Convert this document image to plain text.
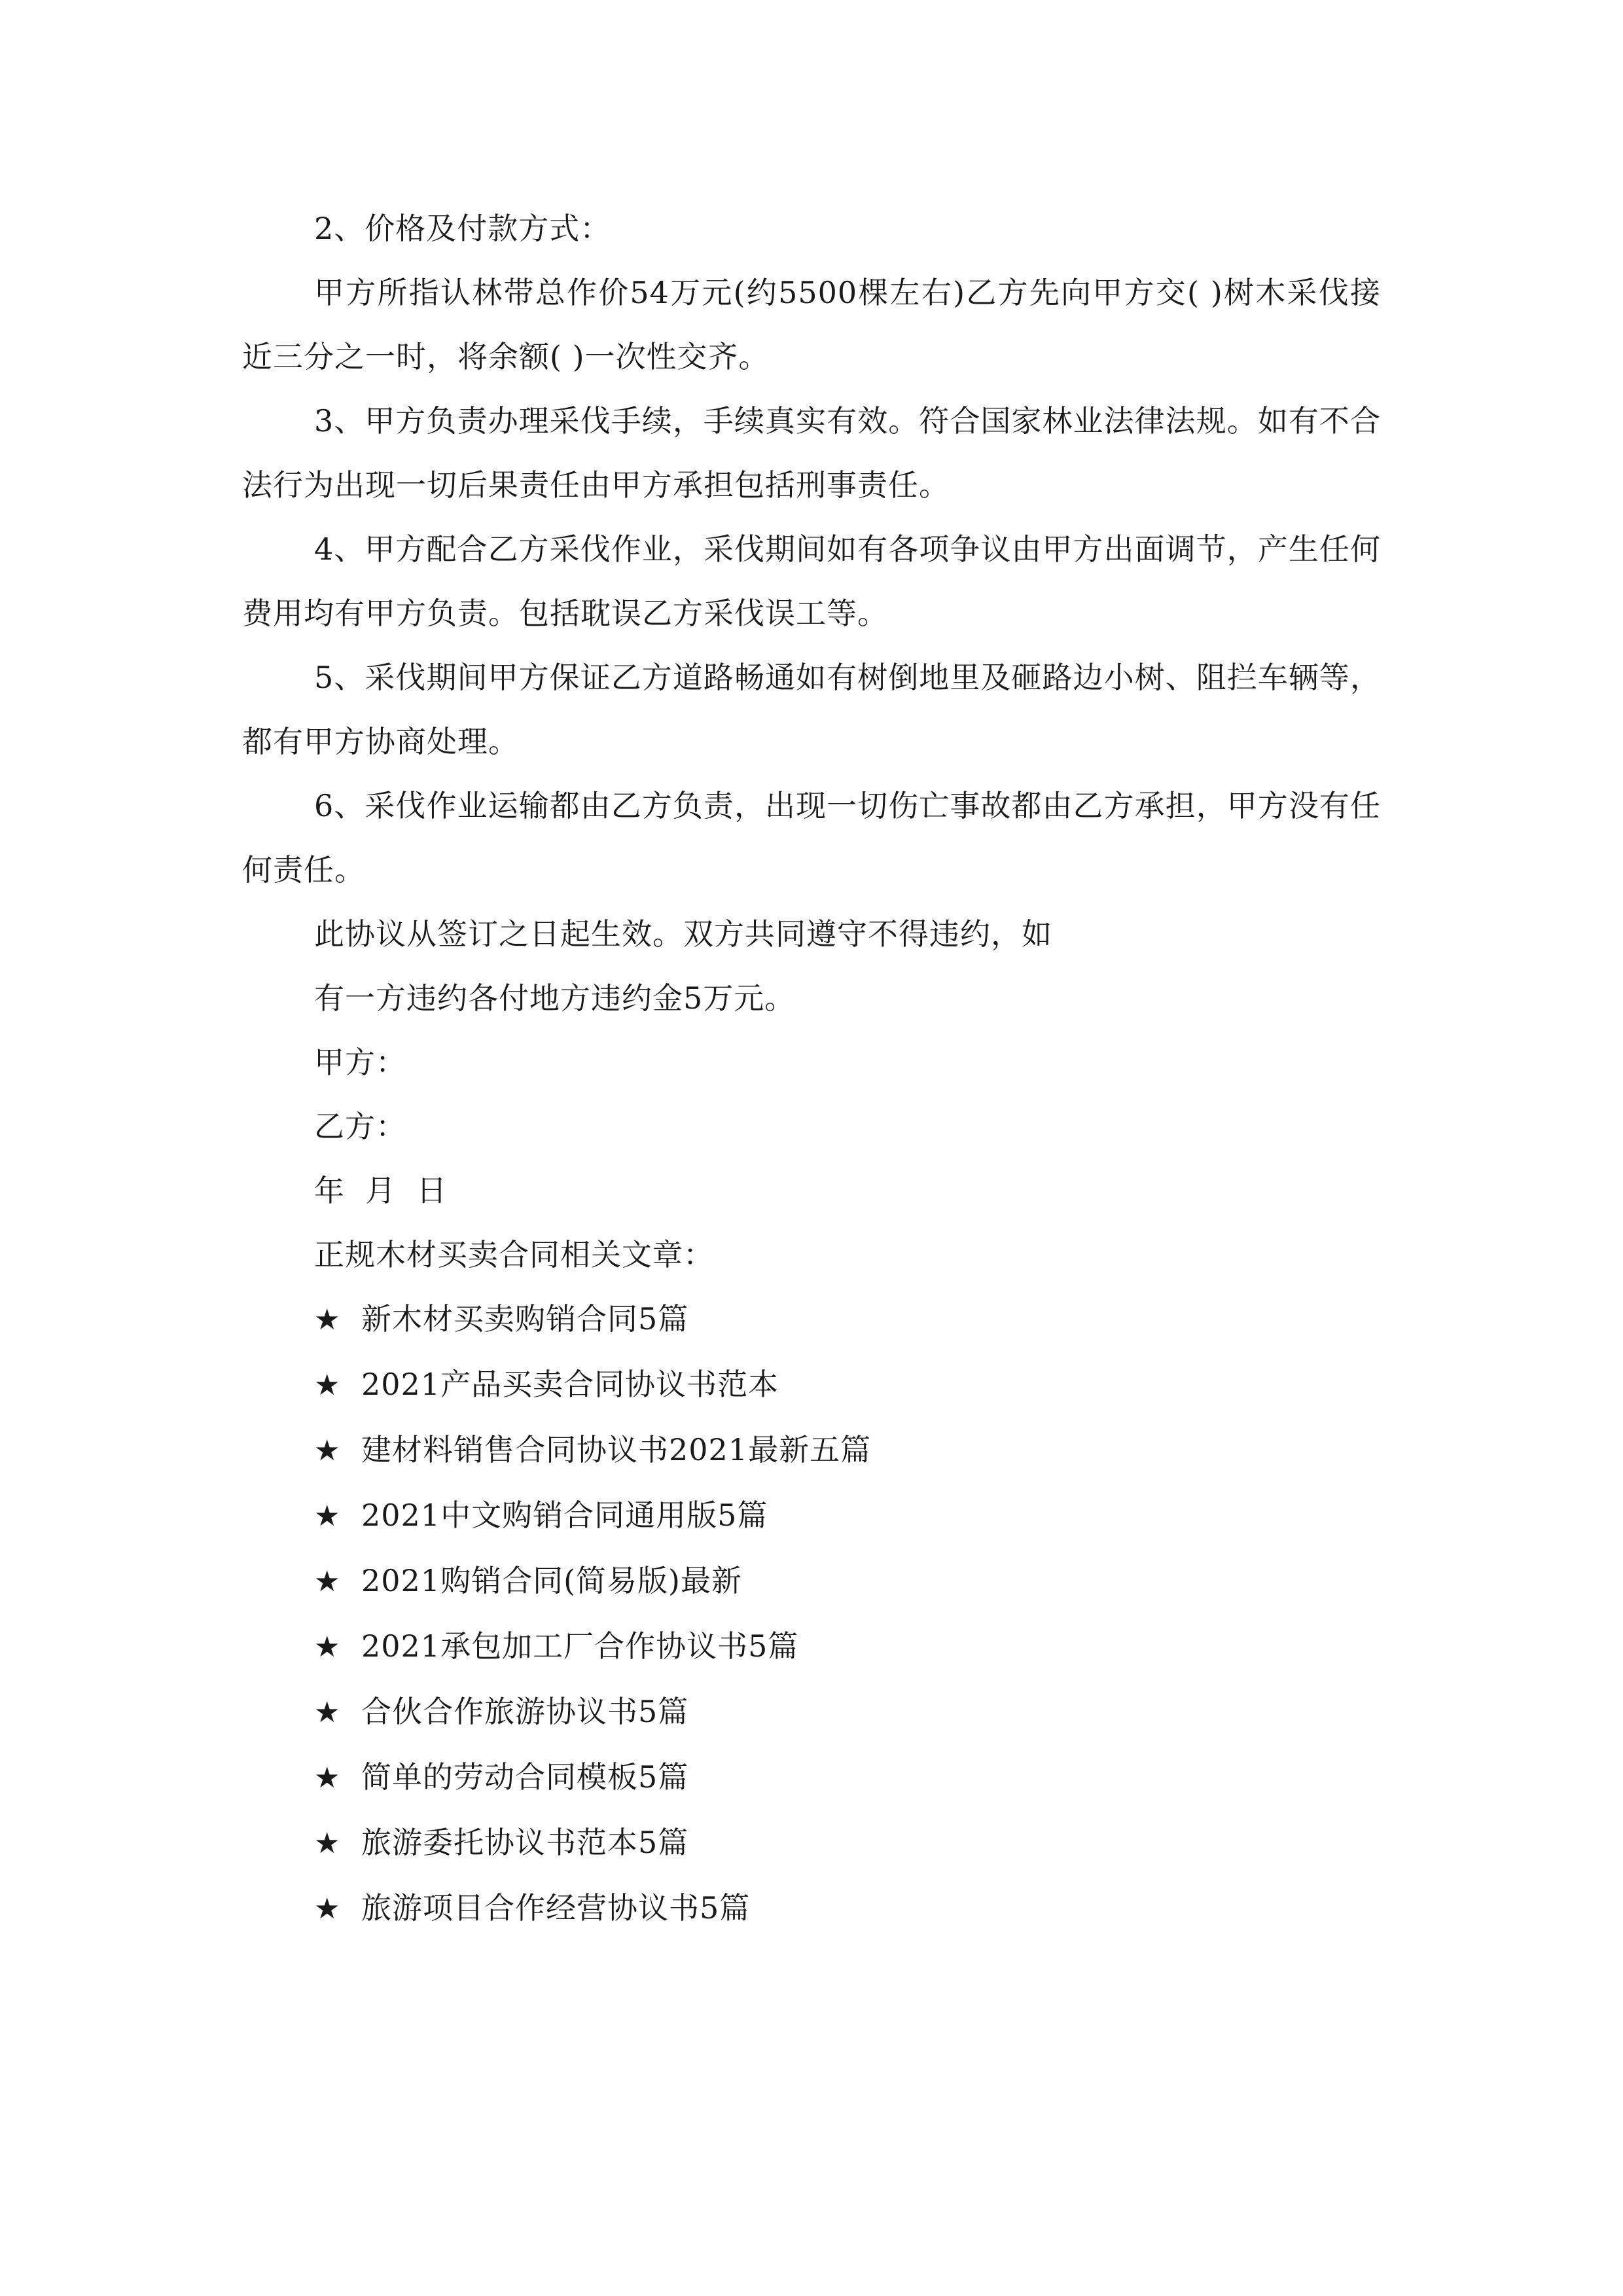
2、价格及付款方式：

甲方所指认林带总作价54万元(约5500棵左右)乙方先向甲方交( )树木采伐接近三分之一时，将余额( )一次性交齐。

3、甲方负责办理采伐手续，手续真实有效。符合国家林业法律法规。如有不合法行为出现一切后果责任由甲方承担包括刑事责任。

4、甲方配合乙方采伐作业，采伐期间如有各项争议由甲方出面调节，产生任何费用均有甲方负责。包括耽误乙方采伐误工等。

5、采伐期间甲方保证乙方道路畅通如有树倒地里及砸路边小树、阻拦车辆等，都有甲方协商处理。

6、采伐作业运输都由乙方负责，出现一切伤亡事故都由乙方承担，甲方没有任何责任。

此协议从签订之日起生效。双方共同遵守不得违约，如

有一方违约各付地方违约金5万元。

甲方：

乙方：

年  月  日

正规木材买卖合同相关文章：

★ 新木材买卖购销合同5篇
★ 2021产品买卖合同协议书范本
★ 建材料销售合同协议书2021最新五篇
★ 2021中文购销合同通用版5篇
★ 2021购销合同(简易版)最新
★ 2021承包加工厂合作协议书5篇
★ 合伙合作旅游协议书5篇
★ 简单的劳动合同模板5篇
★ 旅游委托协议书范本5篇
★ 旅游项目合作经营协议书5篇
